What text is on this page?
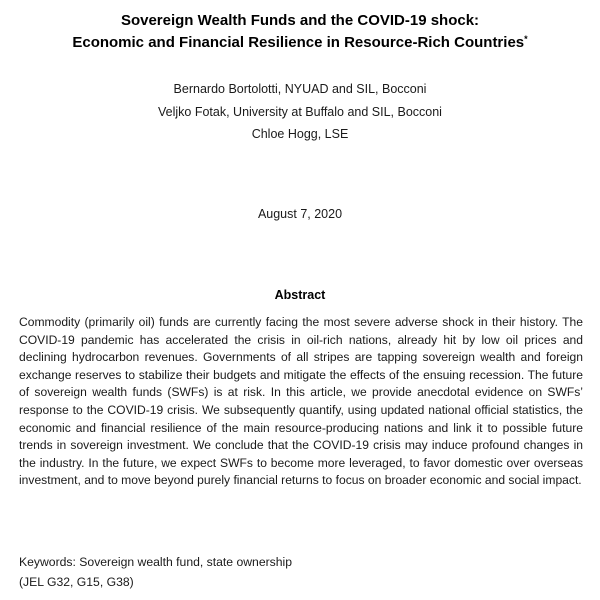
Sovereign Wealth Funds and the COVID-19 shock:
Economic and Financial Resilience in Resource-Rich Countries*
Bernardo Bortolotti, NYUAD and SIL, Bocconi
Veljko Fotak, University at Buffalo and SIL, Bocconi
Chloe Hogg, LSE
August 7, 2020
Abstract
Commodity (primarily oil) funds are currently facing the most severe adverse shock in their history. The COVID-19 pandemic has accelerated the crisis in oil-rich nations, already hit by low oil prices and declining hydrocarbon revenues. Governments of all stripes are tapping sovereign wealth and foreign exchange reserves to stabilize their budgets and mitigate the effects of the ensuing recession. The future of sovereign wealth funds (SWFs) is at risk. In this article, we provide anecdotal evidence on SWFs’ response to the COVID-19 crisis. We subsequently quantify, using updated national official statistics, the economic and financial resilience of the main resource-producing nations and link it to possible future trends in sovereign investment. We conclude that the COVID-19 crisis may induce profound changes in the industry. In the future, we expect SWFs to become more leveraged, to favor domestic over overseas investment, and to move beyond purely financial returns to focus on broader economic and social impact.
Keywords: Sovereign wealth fund, state ownership
(JEL G32, G15, G38)
